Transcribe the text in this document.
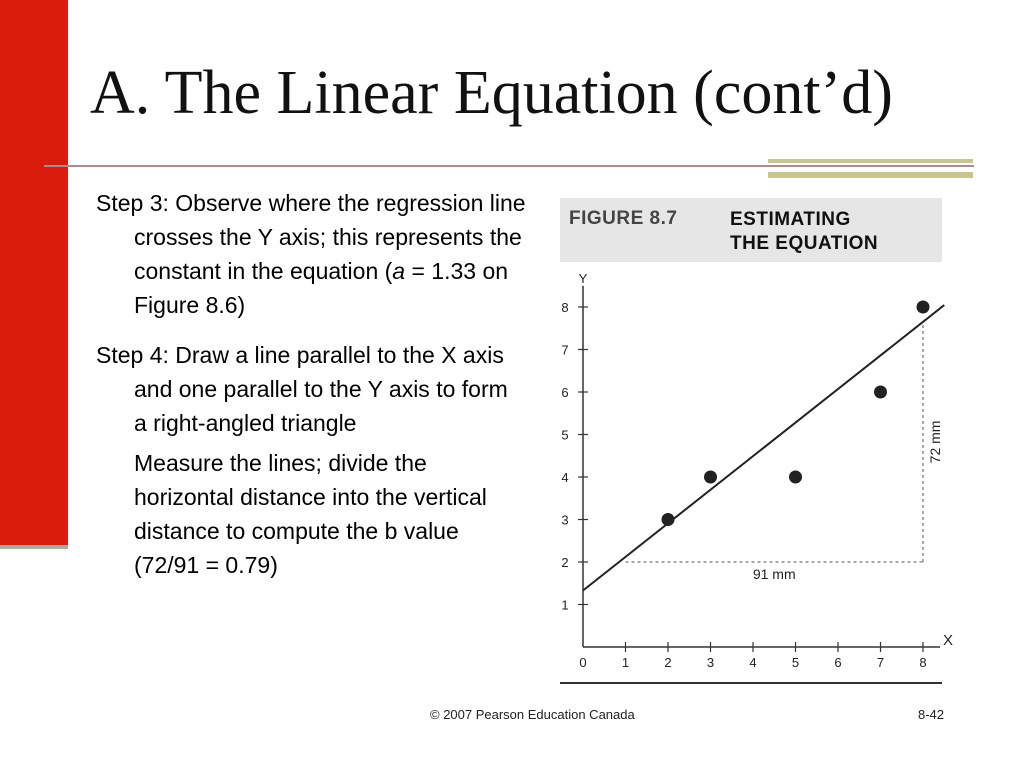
A. The Linear Equation (cont’d)

Step 3: Observe where the regression line crosses the Y axis; this represents the constant in the equation (a = 1.33 on Figure 8.6)

Step 4: Draw a line parallel to the X axis and one parallel to the Y axis to form a right-angled triangle

Measure the lines; divide the horizontal distance into the vertical distance to compute the b value (72/91 = 0.79)

FIGURE 8.7	ESTIMATING
THE EQUATION
0	1	2	3	4	5	6	7	8
1
2
3
4
5
6
7
8
X
Y
91 mm
72 mm
© 2007 Pearson Education Canada	8-42
